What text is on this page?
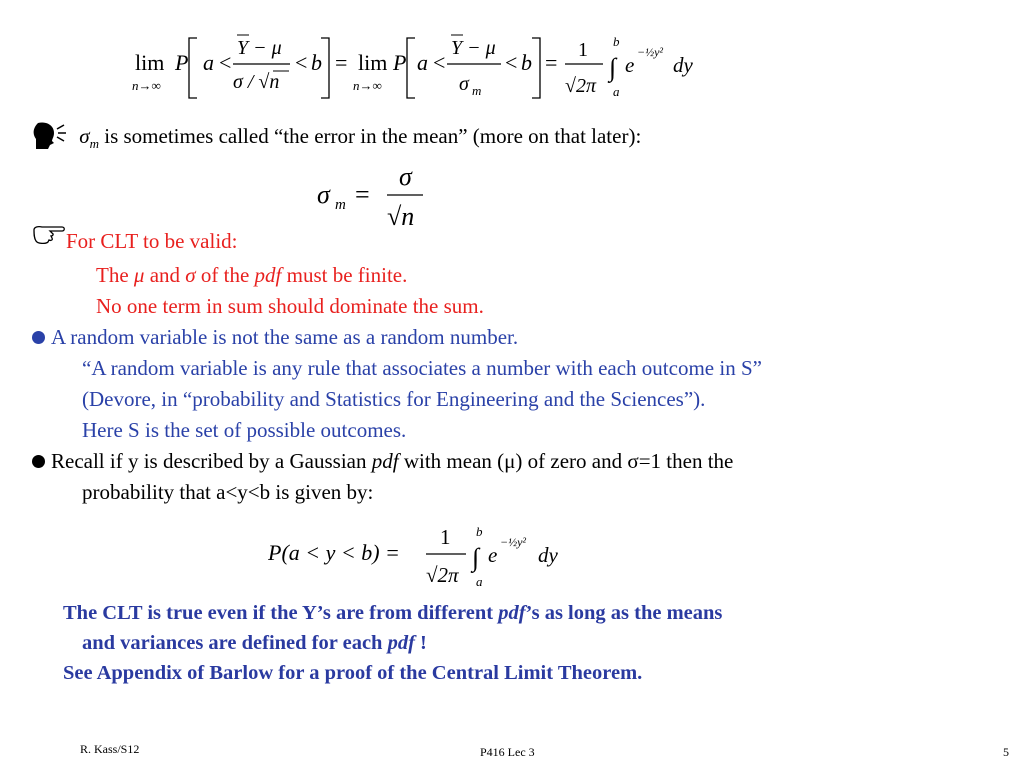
lim
n→∞
P a <
Y − μ
σ / √n
< b = lim
n→∞
P a <
Y − μ
σ m
< b = 1
√2π
b
∫
a
e
−½y²
dy
$\sigma_m$ is sometimes called “the error in the mean” (more on that later):
σ m =
σ
√n
For CLT to be valid:
The μ and σ of the pdf must be finite.
No one term in sum should dominate the sum.
A random variable is not the same as a random number.
“A random variable is any rule that associates a number with each outcome in S”
(Devore, in “probability and Statistics for Engineering and the Sciences”).
Here S is the set of possible outcomes.
Recall if y is described by a Gaussian pdf with mean (μ) of zero and σ=1 then the
probability that a<y<b is given by:
P(a < y < b) =
1
√2π
b
∫
a
e
−½y²
dy
The CLT is true even if the Y’s are from different pdf’s as long as the means
and variances are defined for each pdf !
See Appendix of Barlow for a proof of the Central Limit Theorem.
R. Kass/S12	P416 Lec 3	5
